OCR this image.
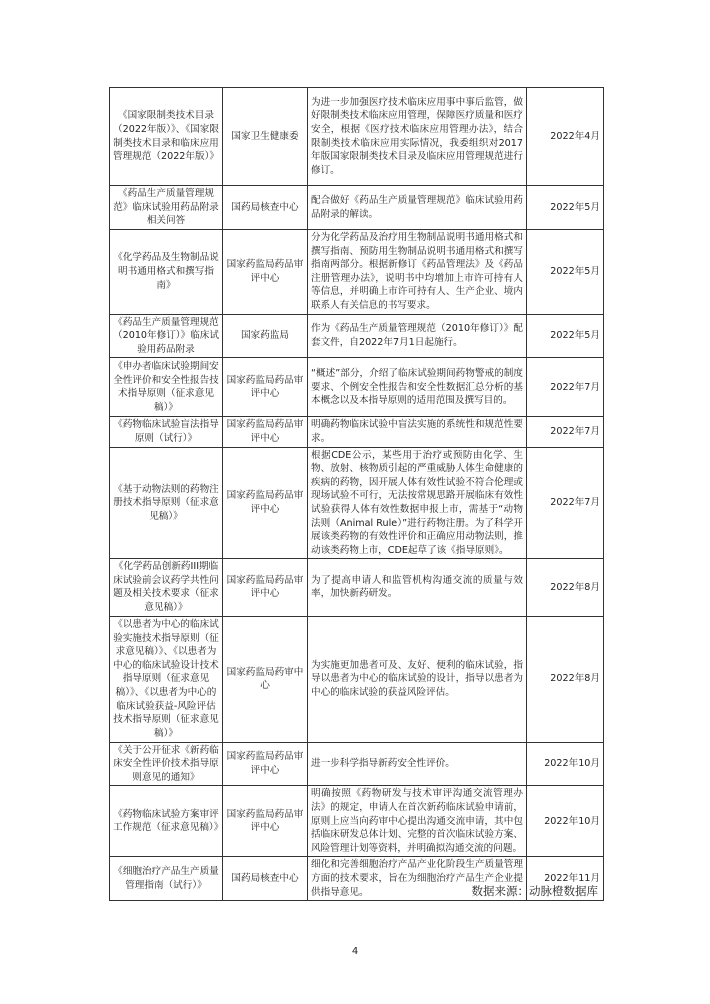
《国家限制类技术目录（2022年版）》、《国家限制类技术目录和临床应用管理规范（2022年版）》	国家卫生健康委	为进一步加强医疗技术临床应用事中事后监管，做好限制类技术临床应用管理，保障医疗质量和医疗安全，根据《医疗技术临床应用管理办法》，结合限制类技术临床应用实际情况，我委组织对2017年版国家限制类技术目录及临床应用管理规范进行修订。	2022年4月
《药品生产质量管理规范》临床试验用药品附录相关问答	国药局核查中心	配合做好《药品生产质量管理规范》临床试验用药品附录的解读。	2022年5月
《化学药品及生物制品说明书通用格式和撰写指南》	国家药监局药品审评中心	分为化学药品及治疗用生物制品说明书通用格式和撰写指南、预防用生物制品说明书通用格式和撰写指南两部分。根据新修订《药品管理法》及《药品注册管理办法》，说明书中均增加上市许可持有人等信息，并明确上市许可持有人、生产企业、境内联系人有关信息的书写要求。	2022年5月
《药品生产质量管理规范（2010年修订）》临床试验用药品附录	国家药监局	作为《药品生产质量管理规范（2010年修订）》配套文件，自2022年7月1日起施行。	2022年5月
《申办者临床试验期间安全性评价和安全性报告技术指导原则（征求意见稿）》	国家药监局药品审评中心	“概述”部分，介绍了临床试验期间药物警戒的制度要求、个例安全性报告和安全性数据汇总分析的基本概念以及本指导原则的适用范围及撰写目的。	2022年7月
《药物临床试验盲法指导原则（试行）》	国家药监局药品审评中心	明确药物临床试验中盲法实施的系统性和规范性要求。	2022年7月
《基于动物法则的药物注册技术指导原则（征求意见稿）》	国家药监局药品审评中心	根据CDE公示，某些用于治疗或预防由化学、生物、放射、核物质引起的严重威胁人体生命健康的疾病的药物，因开展人体有效性试验不符合伦理或现场试验不可行，无法按常规思路开展临床有效性试验获得人体有效性数据申报上市，需基于“动物法则（Animal Rule）”进行药物注册。为了科学开展该类药物的有效性评价和正确应用动物法则，推动该类药物上市，CDE起草了该《指导原则》。	2022年7月
《化学药品创新药III期临床试验前会议药学共性问题及相关技术要求（征求意见稿）》	国家药监局药品审评中心	为了提高申请人和监管机构沟通交流的质量与效率，加快新药研发。	2022年8月
《以患者为中心的临床试验实施技术指导原则（征求意见稿）》、《以患者为中心的临床试验设计技术指导原则（征求意见稿）》、《以患者为中心的临床试验获益-风险评估技术指导原则（征求意见稿）》	国家药监局药审中心	为实施更加患者可及、友好、便利的临床试验，指导以患者为中心的临床试验的设计，指导以患者为中心的临床试验的获益风险评估。	2022年8月
《关于公开征求《新药临床安全性评价技术指导原则意见的通知》	国家药监局药品审评中心	进一步科学指导新药安全性评价。	2022年10月
《药物临床试验方案审评工作规范（征求意见稿）》	国家药监局药品审评中心	明确按照《药物研发与技术审评沟通交流管理办法》的规定，申请人在首次新药临床试验申请前，原则上应当向药审中心提出沟通交流申请，其中包括临床研发总体计划、完整的首次临床试验方案、风险管理计划等资料，并明确拟沟通交流的问题。	2022年10月
《细胞治疗产品生产质量管理指南（试行）》	国药局核查中心	细化和完善细胞治疗产品产业化阶段生产质量管理方面的技术要求，旨在为细胞治疗产品生产企业提供指导意见。	2022年11月
数据来源：动脉橙数据库
4
